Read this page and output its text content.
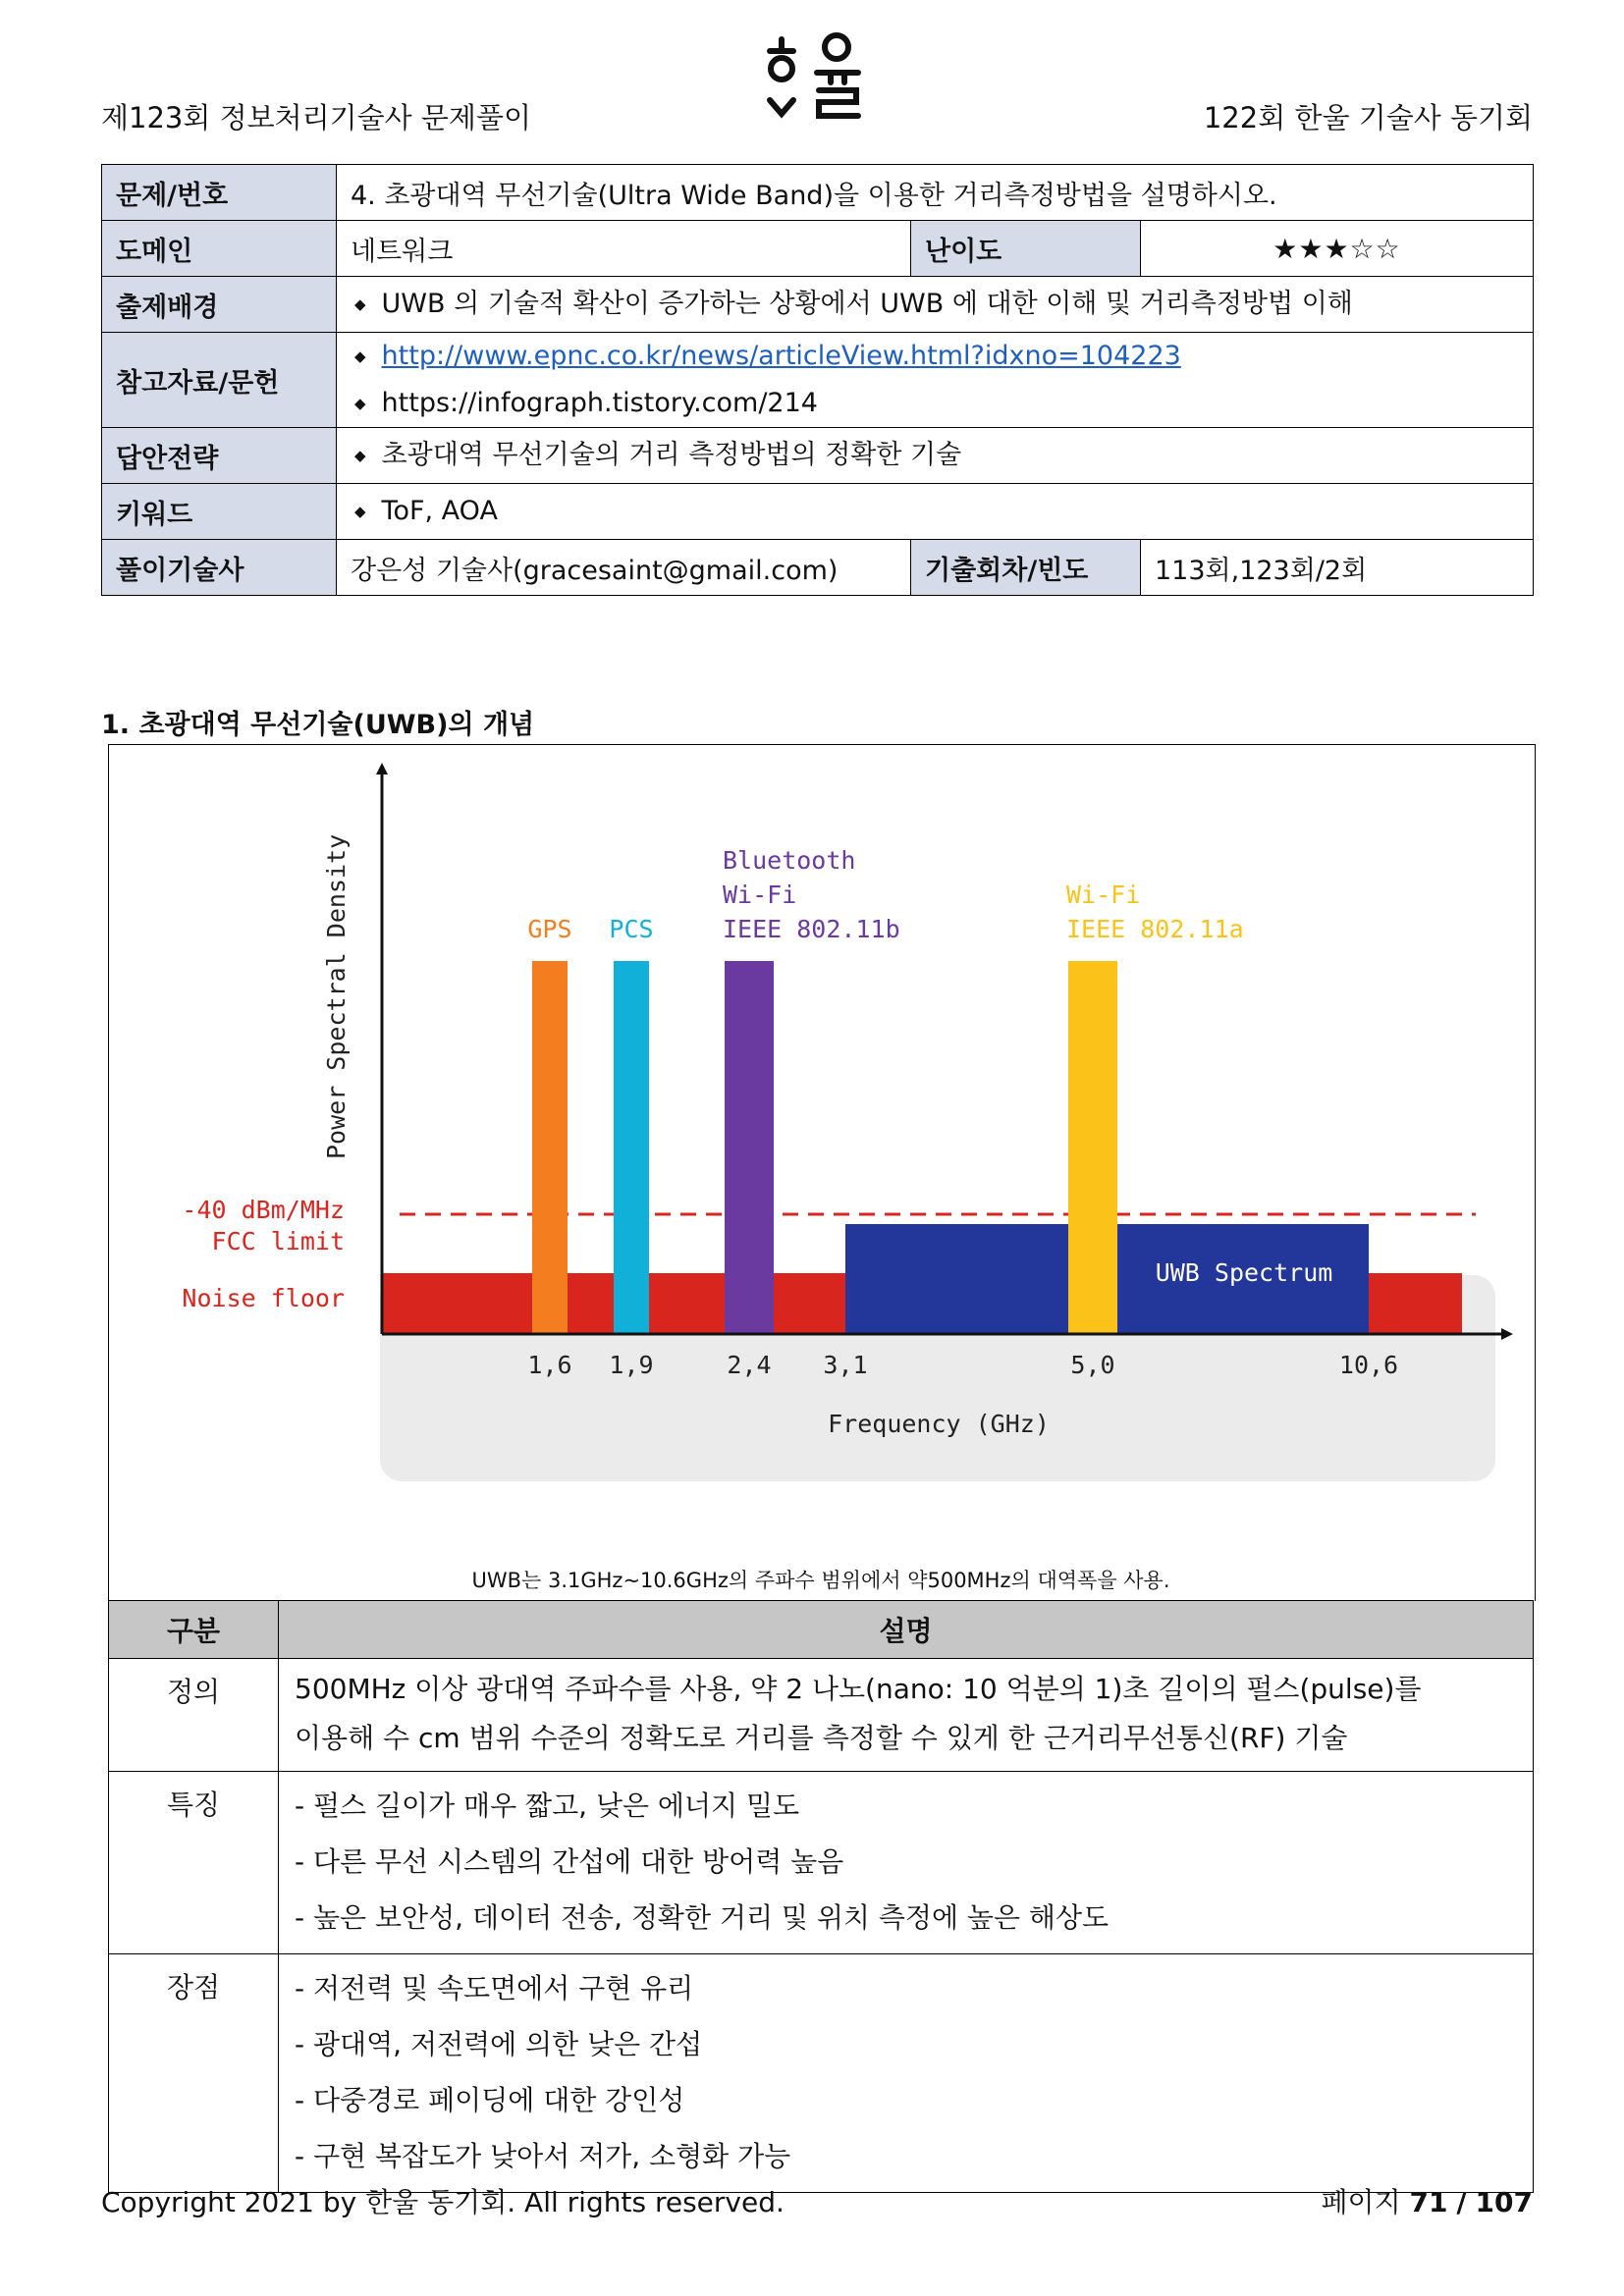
제123회 정보처리기술사 문제풀이	122회 한울 기술사 동기회
문제/번호	4. 초광대역 무선기술(Ultra Wide Band)을 이용한 거리측정방법을 설명하시오.		
도메인	네트워크	난이도	★★★☆☆
출제배경	◆ UWB 의 기술적 확산이 증가하는 상황에서 UWB 에 대한 이해 및 거리측정방법 이해

참고자료/문헌	◆ http://www.epnc.co.kr/news/articleView.html?idxno=104223
◆ https://infograph.tistory.com/214

답안전략	◆ 초광대역 무선기술의 거리 측정방법의 정확한 기술

키워드	◆ ToF, AOA

풀이기술사	강은성 기술사(gracesaint@gmail.com)	기출회차/빈도	113회,123회/2회
1. 초광대역 무선기술(UWB)의 개념
Power Spectral Density	GPS PCS
Bluetooth
Wi-Fi
IEEE 802.11b
Wi-Fi
IEEE 802.11a
-40 dBm/MHz
FCC limit
Noise floor
UWB Spectrum
1,6 1,9	2,4 3,1	5,0	10,6
Frequency (GHz)
UWB는 3.1GHz~10.6GHz의 주파수 범위에서 약500MHz의 대역폭을 사용.
구분	설명
정의	500MHz 이상 광대역 주파수를 사용, 약 2 나노(nano: 10 억분의 1)초 길이의 펄스(pulse)를
이용해 수 cm 범위 수준의 정확도로 거리를 측정할 수 있게 한 근거리무선통신(RF) 기술

특징	- 펄스 길이가 매우 짧고, 낮은 에너지 밀도
- 다른 무선 시스템의 간섭에 대한 방어력 높음
- 높은 보안성, 데이터 전송, 정확한 거리 및 위치 측정에 높은 해상도

장점	- 저전력 및 속도면에서 구현 유리
- 광대역, 저전력에 의한 낮은 간섭
- 다중경로 페이딩에 대한 강인성
- 구현 복잡도가 낮아서 저가, 소형화 가능
Copyright 2021 by 한울 동기회. All rights reserved.	페이지 71 / 107
